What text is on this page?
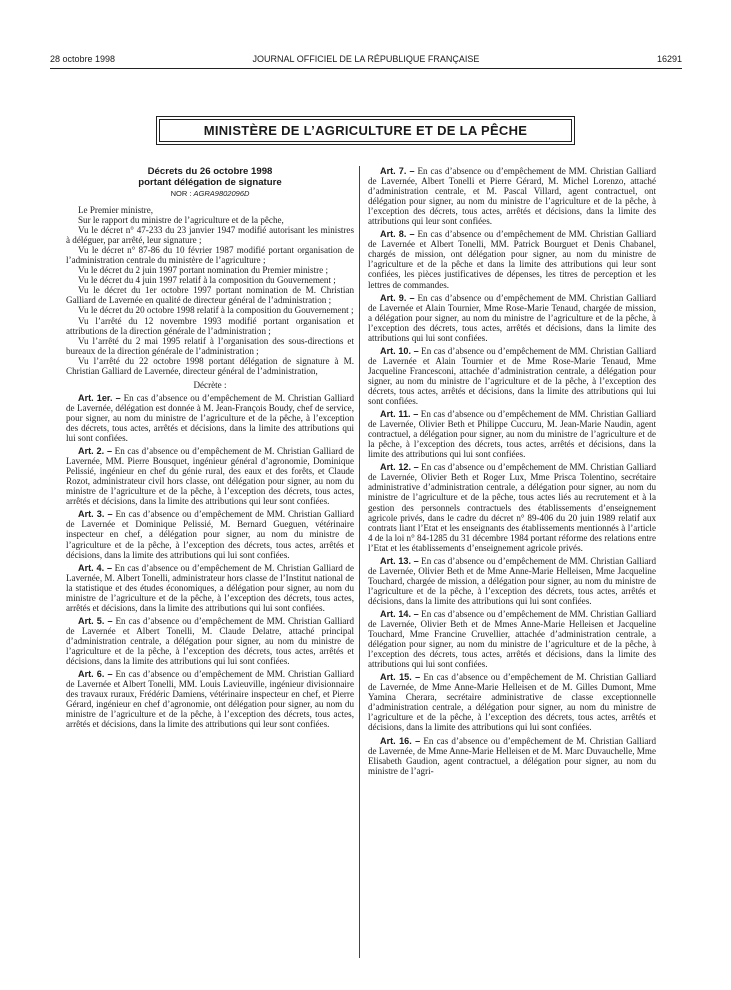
28 octobre 1998	JOURNAL OFFICIEL DE LA RÉPUBLIQUE FRANÇAISE	16291
MINISTÈRE DE L’AGRICULTURE ET DE LA PÊCHE
Décrets du 26 octobre 1998
portant délégation de signature
NOR : AGRA9802096D

Le Premier ministre,

Sur le rapport du ministre de l’agriculture et de la pêche,

Vu le décret n° 47-233 du 23 janvier 1947 modifié autorisant les ministres à déléguer, par arrêté, leur signature ;

Vu le décret n° 87-86 du 10 février 1987 modifié portant organisation de l’administration centrale du ministère de l’agriculture ;

Vu le décret du 2 juin 1997 portant nomination du Premier ministre ;

Vu le décret du 4 juin 1997 relatif à la composition du Gouvernement ;

Vu le décret du 1er octobre 1997 portant nomination de M. Christian Galliard de Lavernée en qualité de directeur général de l’administration ;

Vu le décret du 20 octobre 1998 relatif à la composition du Gouvernement ;

Vu l’arrêté du 12 novembre 1993 modifié portant organisation et attributions de la direction générale de l’administration ;

Vu l’arrêté du 2 mai 1995 relatif à l’organisation des sous-directions et bureaux de la direction générale de l’administration ;

Vu l’arrêté du 22 octobre 1998 portant délégation de signature à M. Christian Galliard de Lavernée, directeur général de l’administration,

Décrète :

Art. 1er. – En cas d’absence ou d’empêchement de M. Christian Galliard de Lavernée, délégation est donnée à M. Jean-François Boudy, chef de service, pour signer, au nom du ministre de l’agriculture et de la pêche, à l’exception des décrets, tous actes, arrêtés et décisions, dans la limite des attributions qui lui sont confiées.

Art. 2. – En cas d’absence ou d’empêchement de M. Christian Galliard de Lavernée, MM. Pierre Bousquet, ingénieur général d’agronomie, Dominique Pelissié, ingénieur en chef du génie rural, des eaux et des forêts, et Claude Rozot, administrateur civil hors classe, ont délégation pour signer, au nom du ministre de l’agriculture et de la pêche, à l’exception des décrets, tous actes, arrêtés et décisions, dans la limite des attributions qui leur sont confiées.

Art. 3. – En cas d’absence ou d’empêchement de MM. Christian Galliard de Lavernée et Dominique Pelissié, M. Bernard Gueguen, vétérinaire inspecteur en chef, a délégation pour signer, au nom du ministre de l’agriculture et de la pêche, à l’exception des décrets, tous actes, arrêtés et décisions, dans la limite des attributions qui lui sont confiées.

Art. 4. – En cas d’absence ou d’empêchement de M. Christian Galliard de Lavernée, M. Albert Tonelli, administrateur hors classe de l’Institut national de la statistique et des études économiques, a délégation pour signer, au nom du ministre de l’agriculture et de la pêche, à l’exception des décrets, tous actes, arrêtés et décisions, dans la limite des attributions qui lui sont confiées.

Art. 5. – En cas d’absence ou d’empêchement de MM. Christian Galliard de Lavernée et Albert Tonelli, M. Claude Delatre, attaché principal d’administration centrale, a délégation pour signer, au nom du ministre de l’agriculture et de la pêche, à l’exception des décrets, tous actes, arrêtés et décisions, dans la limite des attributions qui lui sont confiées.

Art. 6. – En cas d’absence ou d’empêchement de MM. Christian Galliard de Lavernée et Albert Tonelli, MM. Louis Lavieuville, ingénieur divisionnaire des travaux ruraux, Frédéric Damiens, vétérinaire inspecteur en chef, et Pierre Gérard, ingénieur en chef d’agronomie, ont délégation pour signer, au nom du ministre de l’agriculture et de la pêche, à l’exception des décrets, tous actes, arrêtés et décisions, dans la limite des attributions qui leur sont confiées.

Art. 7. – En cas d’absence ou d’empêchement de MM. Christian Galliard de Lavernée, Albert Tonelli et Pierre Gérard, M. Michel Lorenzo, attaché d’administration centrale, et M. Pascal Villard, agent contractuel, ont délégation pour signer, au nom du ministre de l’agriculture et de la pêche, à l’exception des décrets, tous actes, arrêtés et décisions, dans la limite des attributions qui leur sont confiées.

Art. 8. – En cas d’absence ou d’empêchement de MM. Christian Galliard de Lavernée et Albert Tonelli, MM. Patrick Bourguet et Denis Chabanel, chargés de mission, ont délégation pour signer, au nom du ministre de l’agriculture et de la pêche et dans la limite des attributions qui leur sont confiées, les pièces justificatives de dépenses, les titres de perception et les lettres de commandes.

Art. 9. – En cas d’absence ou d’empêchement de MM. Christian Galliard de Lavernée et Alain Tournier, Mme Rose-Marie Tenaud, chargée de mission, a délégation pour signer, au nom du ministre de l’agriculture et de la pêche, à l’exception des décrets, tous actes, arrêtés et décisions, dans la limite des attributions qui lui sont confiées.

Art. 10. – En cas d’absence ou d’empêchement de MM. Christian Galliard de Lavernée et Alain Tournier et de Mme Rose-Marie Tenaud, Mme Jacqueline Francesconi, attachée d’administration centrale, a délégation pour signer, au nom du ministre de l’agriculture et de la pêche, à l’exception des décrets, tous actes, arrêtés et décisions, dans la limite des attributions qui lui sont confiées.

Art. 11. – En cas d’absence ou d’empêchement de MM. Christian Galliard de Lavernée, Olivier Beth et Philippe Cuccuru, M. Jean-Marie Naudin, agent contractuel, a délégation pour signer, au nom du ministre de l’agriculture et de la pêche, à l’exception des décrets, tous actes, arrêtés et décisions, dans la limite des attributions qui lui sont confiées.

Art. 12. – En cas d’absence ou d’empêchement de MM. Christian Galliard de Lavernée, Olivier Beth et Roger Lux, Mme Prisca Tolentino, secrétaire administrative d’administration centrale, a délégation pour signer, au nom du ministre de l’agriculture et de la pêche, tous actes liés au recrutement et à la gestion des personnels contractuels des établissements d’enseignement agricole privés, dans le cadre du décret n° 89-406 du 20 juin 1989 relatif aux contrats liant l’Etat et les enseignants des établissements mentionnés à l’article 4 de la loi n° 84-1285 du 31 décembre 1984 portant réforme des relations entre l’Etat et les établissements d’enseignement agricole privés.

Art. 13. – En cas d’absence ou d’empêchement de MM. Christian Galliard de Lavernée, Olivier Beth et de Mme Anne-Marie Helleisen, Mme Jacqueline Touchard, chargée de mission, a délégation pour signer, au nom du ministre de l’agriculture et de la pêche, à l’exception des décrets, tous actes, arrêtés et décisions, dans la limite des attributions qui lui sont confiées.

Art. 14. – En cas d’absence ou d’empêchement de MM. Christian Galliard de Lavernée, Olivier Beth et de Mmes Anne-Marie Helleisen et Jacqueline Touchard, Mme Francine Cruvellier, attachée d’administration centrale, a délégation pour signer, au nom du ministre de l’agriculture et de la pêche, à l’exception des décrets, tous actes, arrêtés et décisions, dans la limite des attributions qui lui sont confiées.

Art. 15. – En cas d’absence ou d’empêchement de M. Christian Galliard de Lavernée, de Mme Anne-Marie Helleisen et de M. Gilles Dumont, Mme Yamina Cherara, secrétaire administrative de classe exceptionnelle d’administration centrale, a délégation pour signer, au nom du ministre de l’agriculture et de la pêche, à l’exception des décrets, tous actes, arrêtés et décisions, dans la limite des attributions qui lui sont confiées.

Art. 16. – En cas d’absence ou d’empêchement de M. Christian Galliard de Lavernée, de Mme Anne-Marie Helleisen et de M. Marc Duvauchelle, Mme Elisabeth Gaudion, agent contractuel, a délégation pour signer, au nom du ministre de l’agri-
